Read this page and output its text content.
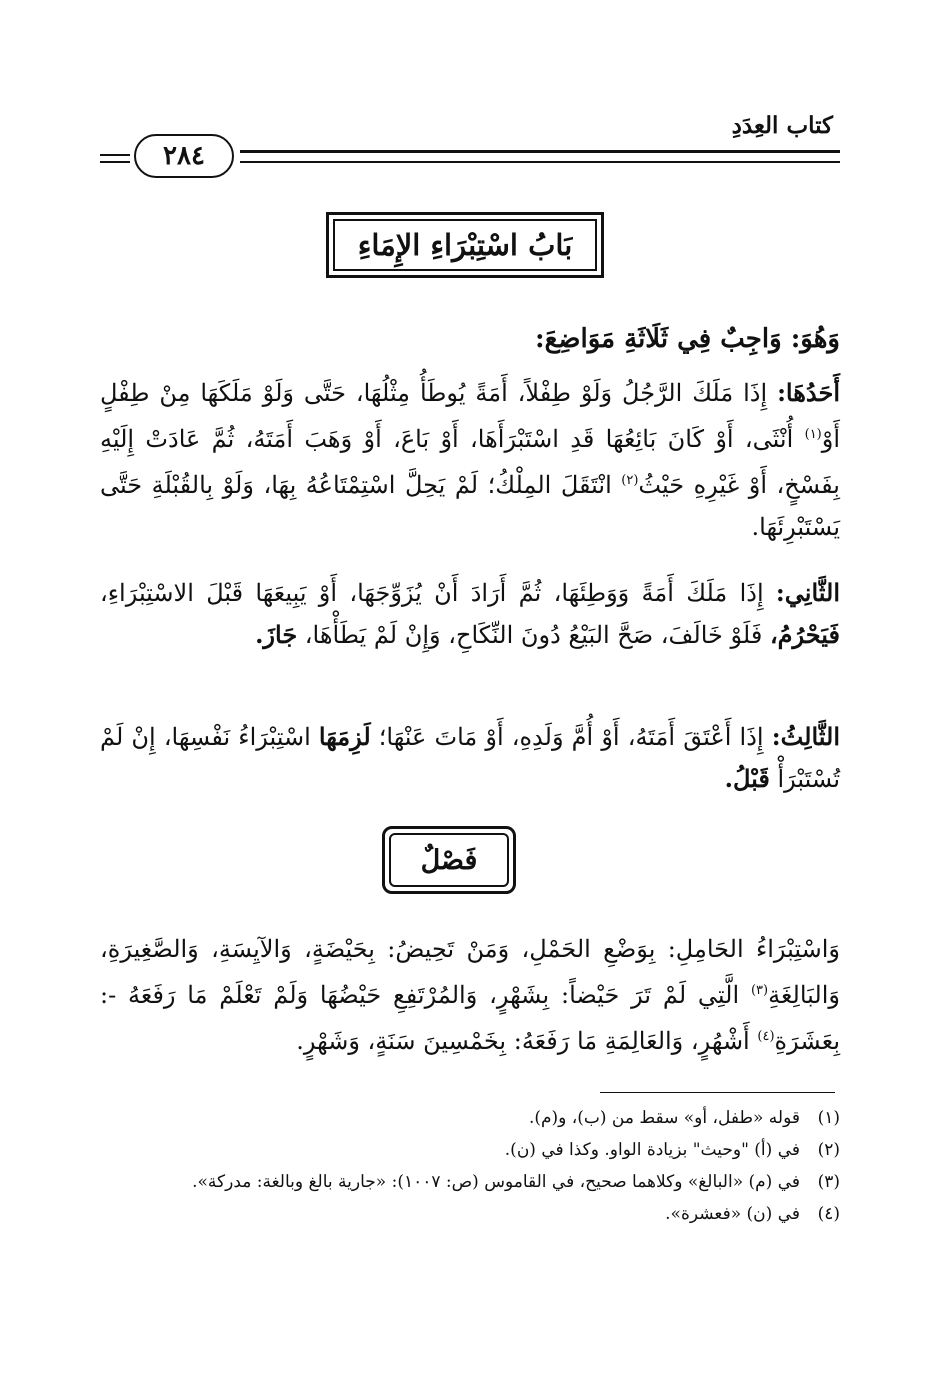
كتاب العِدَدِ
٢٨٤
بَابُ اسْتِبْرَاءِ الإِمَاءِ
وَهُوَ: وَاجِبٌ فِي ثَلَاثَةِ مَوَاضِعَ:
أَحَدُهَا: إِذَا مَلَكَ الرَّجُلُ وَلَوْ طِفْلاً، أَمَةً يُوطَأُ مِثْلُهَا، حَتَّى وَلَوْ مَلَكَهَا مِنْ طِفْلٍ أَوْ$^{(١)}$ أُنْثَى، أَوْ كَانَ بَائِعُهَا قَدِ اسْتَبْرَأَهَا، أَوْ بَاعَ، أَوْ وَهَبَ أَمَتَهُ، ثُمَّ عَادَتْ إِلَيْهِ بِفَسْخٍ، أَوْ غَيْرِهِ حَيْثُ$^{(٢)}$ انْتَقَلَ المِلْكُ؛ لَمْ يَحِلَّ اسْتِمْتَاعُهُ بِهَا، وَلَوْ بِالقُبْلَةِ حَتَّى يَسْتَبْرِئَهَا.
الثَّانِي: إِذَا مَلَكَ أَمَةً وَوَطِئَهَا، ثُمَّ أَرَادَ أَنْ يُزَوِّجَهَا، أَوْ يَبِيعَهَا قَبْلَ الاسْتِبْرَاءِ، فَيَحْرُمُ، فَلَوْ خَالَفَ، صَحَّ البَيْعُ دُونَ النِّكَاحِ، وَإِنْ لَمْ يَطَأْهَا، جَازَ.
الثَّالِثُ: إِذَا أَعْتَقَ أَمَتَهُ، أَوْ أُمَّ وَلَدِهِ، أَوْ مَاتَ عَنْهَا؛ لَزِمَهَا اسْتِبْرَاءُ نَفْسِهَا، إِنْ لَمْ تُسْتَبْرَأْ قَبْلُ.
فَصْلٌ
وَاسْتِبْرَاءُ الحَامِلِ: بِوَضْعِ الحَمْلِ، وَمَنْ تَحِيضُ: بِحَيْضَةٍ، وَالآيِسَةِ، وَالصَّغِيرَةِ، وَالبَالِغَةِ$^{(٣)}$ الَّتِي لَمْ تَرَ حَيْضاً: بِشَهْرٍ، وَالمُرْتَفِعِ حَيْضُهَا وَلَمْ تَعْلَمْ مَا رَفَعَهُ -: بِعَشَرَةِ$^{(٤)}$ أَشْهُرٍ، وَالعَالِمَةِ مَا رَفَعَهُ: بِخَمْسِينَ سَنَةٍ، وَشَهْرٍ.

(١)
قوله «طفل، أو» سقط من (ب)، و(م).

(٢)
في (أ) "وحيث" بزيادة الواو. وكذا في (ن).

(٣)
في (م) «البالغ» وكلاهما صحيح، في القاموس (ص: ١٠٠٧): «جارية بالغ وبالغة: مدركة».

(٤)
في (ن) «فعشرة».
